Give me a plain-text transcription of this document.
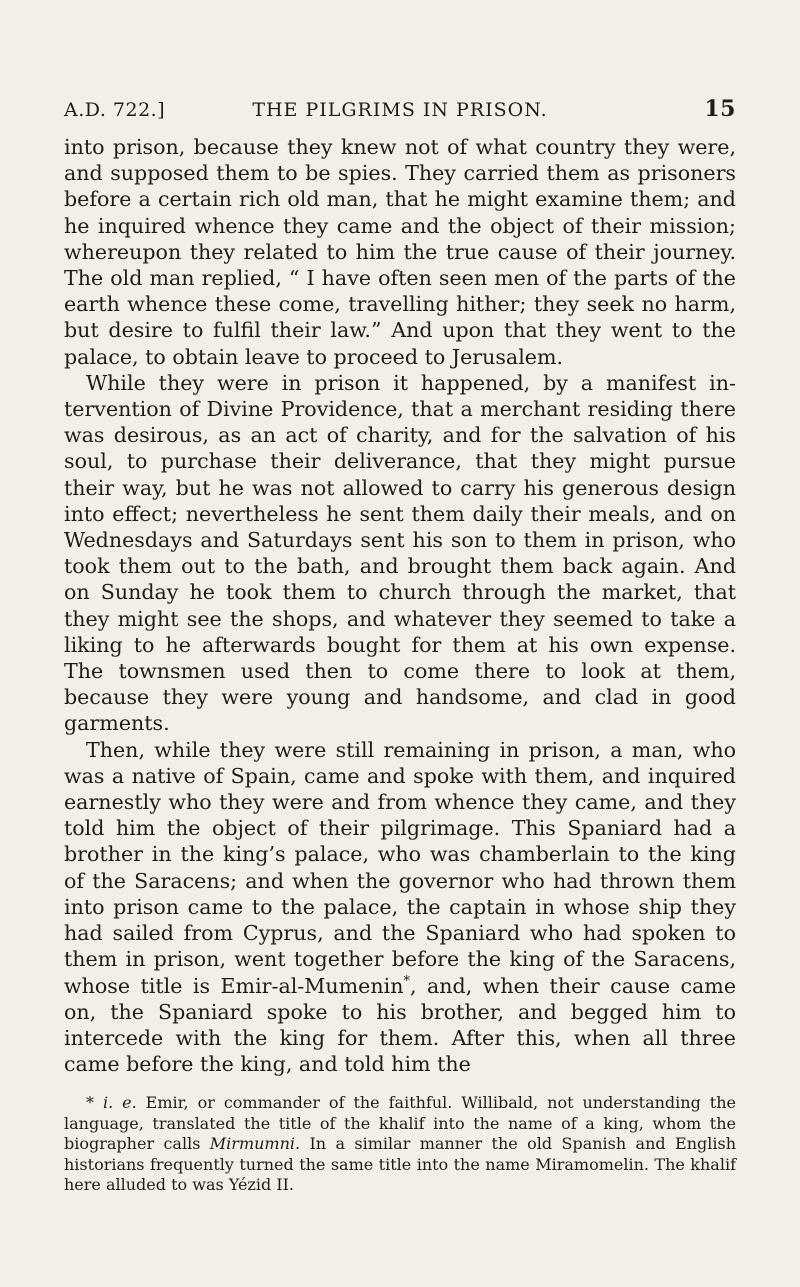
A.D. 722.]	THE PILGRIMS IN PRISON.	15

into prison, because they knew not of what country they were, and supposed them to be spies. They carried them as prisoners before a certain rich old man, that he might examine them; and he inquired whence they came and the object of their mission; whereupon they related to him the true cause of their journey. The old man replied, “ I have often seen men of the parts of the earth whence these come, travelling hither; they seek no harm, but desire to fulfil their law.” And upon that they went to the palace, to obtain leave to proceed to Jerusalem.

While they were in prison it happened, by a manifest intervention of Divine Providence, that a merchant residing there was desirous, as an act of charity, and for the salvation of his soul, to purchase their deliverance, that they might pursue their way, but he was not allowed to carry his generous design into effect; nevertheless he sent them daily their meals, and on Wednesdays and Saturdays sent his son to them in prison, who took them out to the bath, and brought them back again. And on Sunday he took them to church through the market, that they might see the shops, and whatever they seemed to take a liking to he afterwards bought for them at his own expense. The townsmen used then to come there to look at them, because they were young and handsome, and clad in good garments.

Then, while they were still remaining in prison, a man, who was a native of Spain, came and spoke with them, and inquired earnestly who they were and from whence they came, and they told him the object of their pilgrimage. This Spaniard had a brother in the king’s palace, who was chamberlain to the king of the Saracens; and when the governor who had thrown them into prison came to the palace, the captain in whose ship they had sailed from Cyprus, and the Spaniard who had spoken to them in prison, went together before the king of the Saracens, whose title is Emir-al-Mumenin*, and, when their cause came on, the Spaniard spoke to his brother, and begged him to intercede with the king for them. After this, when all three came before the king, and told him the

* i. e. Emir, or commander of the faithful. Willibald, not understanding the language, translated the title of the khalif into the name of a king, whom the biographer calls Mirmumni. In a similar manner the old Spanish and English historians frequently turned the same title into the name Miramomelin. The khalif here alluded to was Yézid II.
